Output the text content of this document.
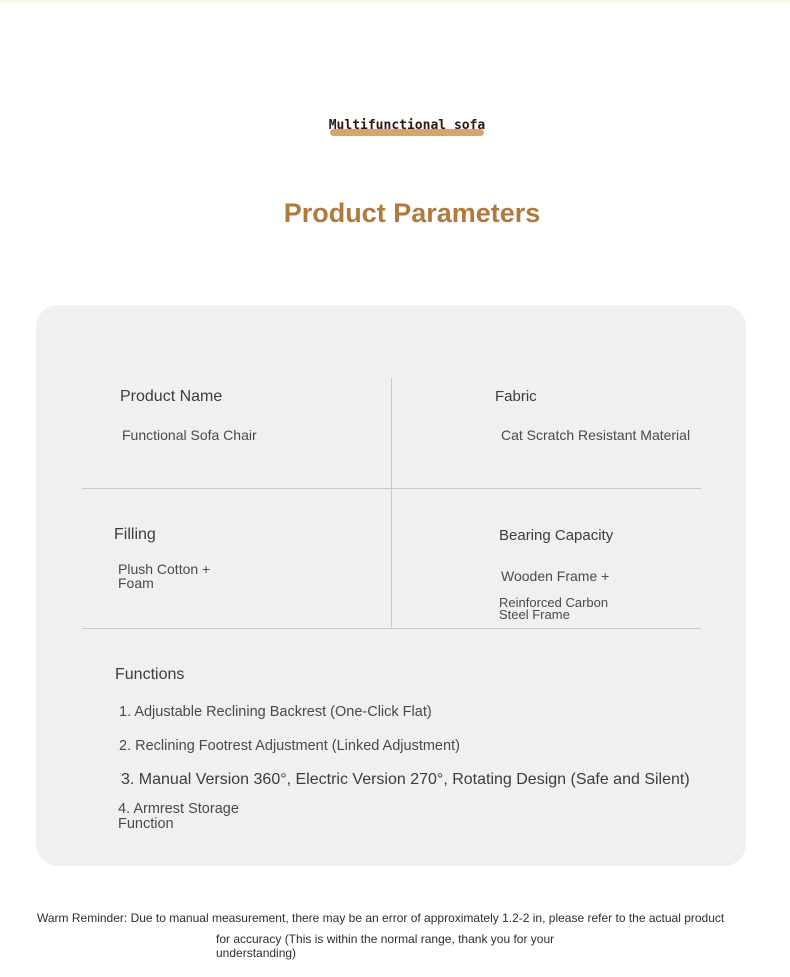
Multifunctional sofa
Product Parameters
Product Name
Functional Sofa Chair
Fabric
Cat Scratch Resistant Material
Filling
Plush Cotton +
Foam
Bearing Capacity
Wooden Frame +
Reinforced Carbon
Steel Frame
Functions
1. Adjustable Reclining Backrest (One-Click Flat)
2. Reclining Footrest Adjustment (Linked Adjustment)
3. Manual Version 360°, Electric Version 270°, Rotating Design (Safe and Silent)
4. Armrest Storage
Function
Warm Reminder: Due to manual measurement, there may be an error of approximately 1.2-2 in, please refer to the actual product
for accuracy (This is within the normal range, thank you for your understanding)
